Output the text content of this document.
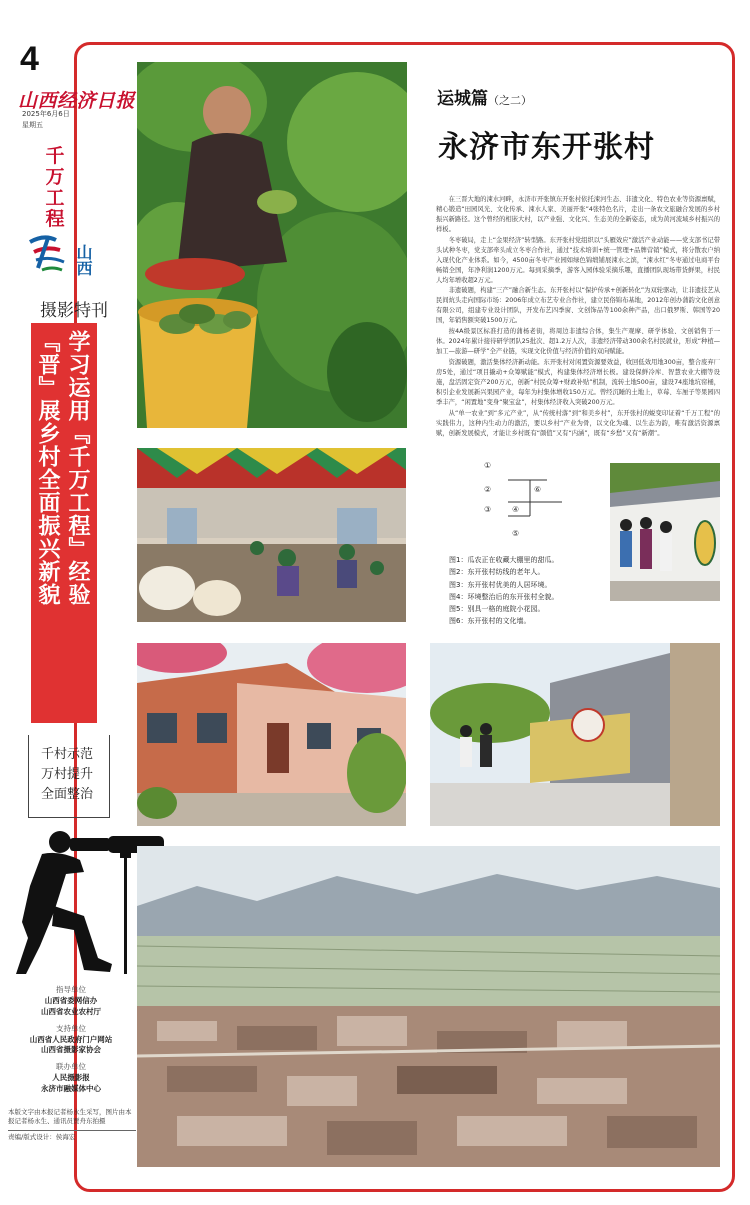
4
山西经济日报
2025年6月6日
星期五
千万工程
山西
摄影特刊
学习运用『千万工程』经验
『晋』展乡村全面振兴新貌
千村示范
万村提升
全面整治
指导单位
山西省委网信办
山西省农业农村厅
支持单位
山西省人民政府门户网站
山西省摄影家协会
联办单位
人民摄影报
永济市融媒体中心
本版文字由本报记者杨永生采写，图片由本报记者杨永生、通讯员贾舟东拍摄
责编/版式设计：侯海宏
运城篇（之二）
永济市东开张村

在三晋大地的涑水河畔，永济市开张镇东开张村依托涑河生态、非遗文化、特色农业等资源禀赋，精心锻造“田园风光、文化传承、涑水人家、美丽开张”4张特色名片，走出一条农文旅融合发展的乡村振兴新路径。这个曾经的相嵌大村，以产业强、文化兴、生态美的全新姿态，成为黄河流域乡村振兴的样板。

冬枣破局，走上“金果经济”转型路。东开张村党组织以“头雁效应”激活产业动能——党支部书记带头试种冬枣，党支部牵头成立冬枣合作社，通过“技术培训+统一管理+品牌营销”模式，将分散农户纳入现代化产业体系。如今，4500亩冬枣产业园如绿色锦缎铺展涑水之滨，“涑水红”冬枣通过电商平台畅销全国，年净利润1200万元。每到采摘季，游客入园体验采摘乐趣，直播团队现场带货鲜果，村民人均年增收超2万元。

非遗破题，构建“三产”融合新生态。东开张村以“保护传承+创新转化”为双轮驱动，让非遗技艺从民间炕头走向国际市场：2006年成立布艺专业合作社，建立民俗锦布基地，2012年创办蒲韵文化创意有限公司，组建专业设计团队，开发布艺四季窗、文创饰品等100余种产品，出口俄罗斯、韩国等20国，年销售额突破1500万元。

按4A级景区标准打造的蒲杨老街，将周边非遗综合体，集生产观摩、研学体验、文创销售于一体。2024年累计接待研学团队25批次、超1.2万人次，非遗经济带动300余名村民就业，形成“种植—加工—旅游—研学”全产业链，实现文化价值与经济价值的双向赋能。

资源破题，激活集体经济新动能。东开张村对闲置资源要效益，收回低效用地300亩，整合废弃厂房5处，通过“项目撬动+众筹赋能”模式，构建集体经济增长极。建设保鲜冷库、智慧农业大棚等设施，盘活固定资产200万元，创新“村民众筹+财政补贴”机制，流转土地500亩，建设74座地坑窑桶，积引企业发展新兴果园产业，每年为村集体增收150万元。曾经沉睡的土地上，草莓、车厘子等果园四季丰产，“闲置地”变身“聚宝盆”，村集体经济收入突破200万元。

从“单一农业”到“多元产业”，从“传统村落”到“和美乡村”，东开张村的蜕变印证着“千万工程”的实践伟力，这种内生动力的激活，要以乡村“产业为骨，以文化为魂、以生态为韵，唯有激活资源禀赋，创新发展模式，才能让乡村既有“颜值”又有“内涵”，既有“乡愁”又有“新潮”。

①
②	⑥
③	④
⑤
图1：瓜农正在收藏大棚里的甜瓜。
图2：东开张村纺线的老年人。
图3：东开张村优美的人居环境。
图4：环境整治后的东开张村全貌。
图5：别具一格的庭院小花园。
图6：东开张村的文化墙。
